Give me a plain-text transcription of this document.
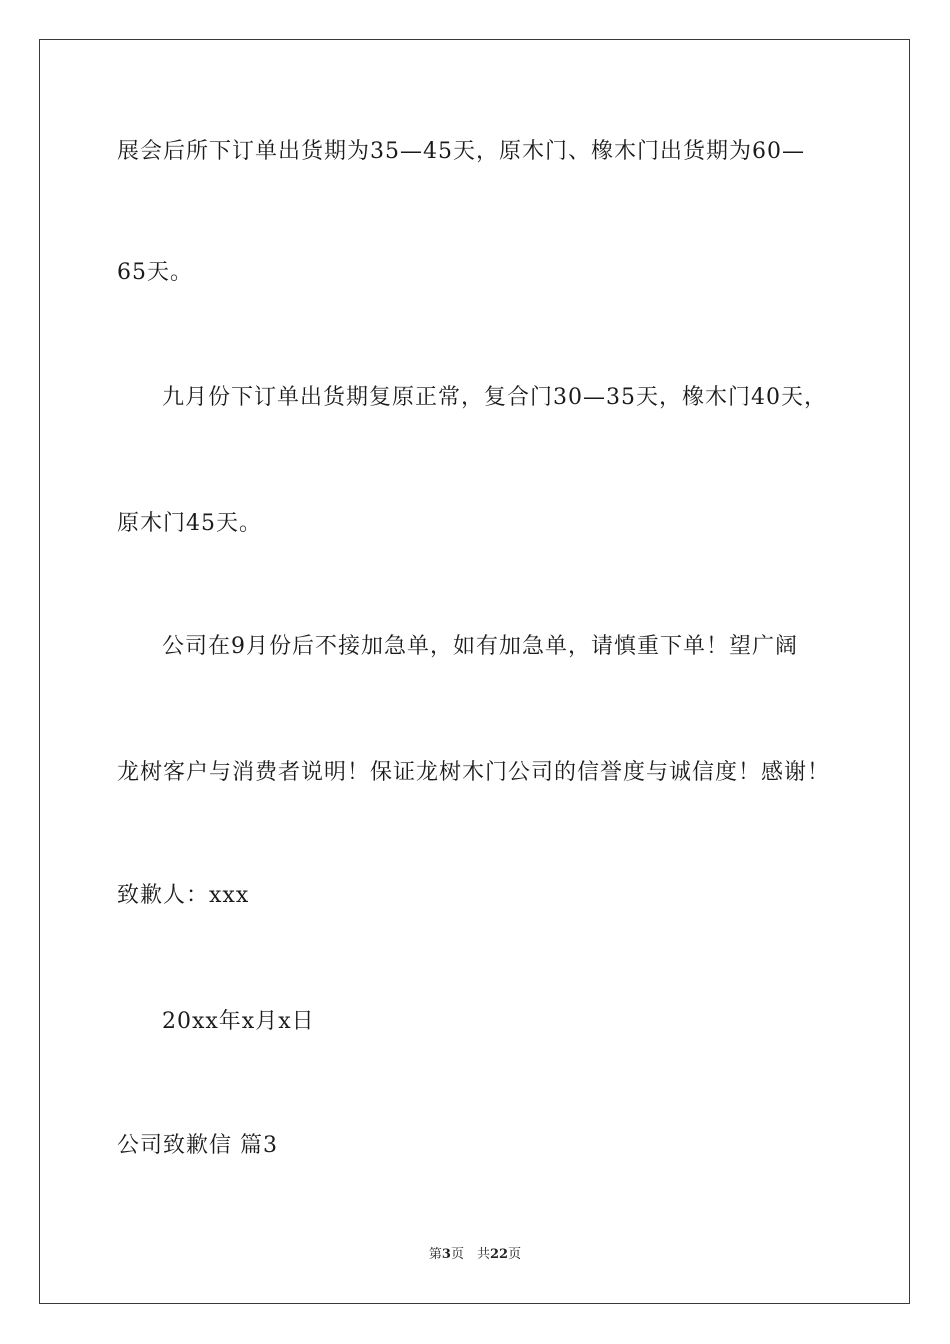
展会后所下订单出货期为35—45天，原木门、橡木门出货期为60—
65天。
九月份下订单出货期复原正常，复合门30—35天，橡木门40天，
原木门45天。
公司在9月份后不接加急单，如有加急单，请慎重下单！望广阔
龙树客户与消费者说明！保证龙树木门公司的信誉度与诚信度！感谢！
致歉人：xxx
20xx年x月x日
公司致歉信 篇3
第3页　共22页
